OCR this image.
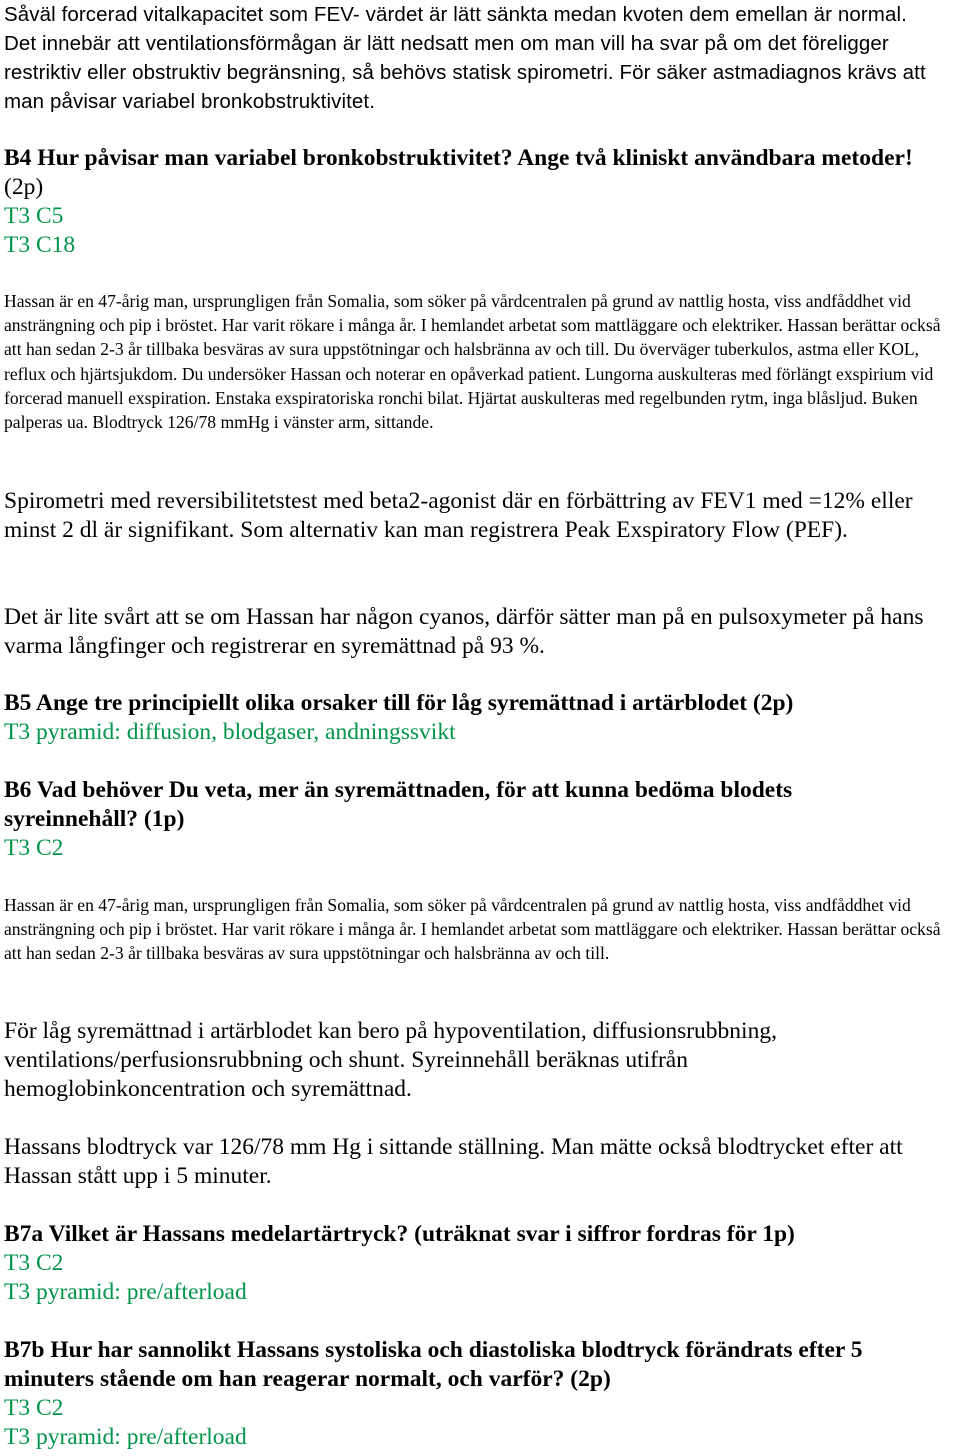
Såväl forcerad vitalkapacitet som FEV- värdet är lätt sänkta medan kvoten dem emellan är normal. Det innebär att ventilationsförmågan är lätt nedsatt men om man vill ha svar på om det föreligger restriktiv eller obstruktiv begränsning, så behövs statisk spirometri. För säker astmadiagnos krävs att man påvisar variabel bronkobstruktivitet.

B4 Hur påvisar man variabel bronkobstruktivitet? Ange två kliniskt användbara metoder! (2p)

T3 C5

T3 C18

Hassan är en 47-årig man, ursprungligen från Somalia, som söker på vårdcentralen på grund av nattlig hosta, viss andfåddhet vid ansträngning och pip i bröstet. Har varit rökare i många år. I hemlandet arbetat som mattläggare och elektriker. Hassan berättar också att han sedan 2-3 år tillbaka besväras av sura uppstötningar och halsbränna av och till. Du överväger tuberkulos, astma eller KOL, reflux och hjärtsjukdom. Du undersöker Hassan och noterar en opåverkad patient. Lungorna auskulteras med förlängt exspirium vid forcerad manuell exspiration. Enstaka exspiratoriska ronchi bilat. Hjärtat auskulteras med regelbunden rytm, inga blåsljud. Buken palperas ua. Blodtryck 126/78 mmHg i vänster arm, sittande.

Spirometri med reversibilitetstest med beta2-agonist där en förbättring av FEV1 med =12% eller minst 2 dl är signifikant. Som alternativ kan man registrera Peak Exspiratory Flow (PEF).

Det är lite svårt att se om Hassan har någon cyanos, därför sätter man på en pulsoxymeter på hans varma långfinger och registrerar en syremättnad på 93 %.

B5 Ange tre principiellt olika orsaker till för låg syremättnad i artärblodet (2p)

T3 pyramid: diffusion, blodgaser, andningssvikt

B6 Vad behöver Du veta, mer än syremättnaden, för att kunna bedöma blodets syreinnehåll? (1p)

T3 C2

Hassan är en 47-årig man, ursprungligen från Somalia, som söker på vårdcentralen på grund av nattlig hosta, viss andfåddhet vid ansträngning och pip i bröstet. Har varit rökare i många år. I hemlandet arbetat som mattläggare och elektriker. Hassan berättar också att han sedan 2-3 år tillbaka besväras av sura uppstötningar och halsbränna av och till.

För låg syremättnad i artärblodet kan bero på hypoventilation, diffusionsrubbning, ventilations/perfusionsrubbning och shunt. Syreinnehåll beräknas utifrån hemoglobinkoncentration och syremättnad.

Hassans blodtryck var 126/78 mm Hg i sittande ställning. Man mätte också blodtrycket efter att Hassan stått upp i 5 minuter.

B7a Vilket är Hassans medelartärtryck? (uträknat svar i siffror fordras för 1p)

T3 C2

T3 pyramid: pre/afterload

B7b Hur har sannolikt Hassans systoliska och diastoliska blodtryck förändrats efter 5 minuters stående om han reagerar normalt, och varför? (2p)

T3 C2

T3 pyramid: pre/afterload
